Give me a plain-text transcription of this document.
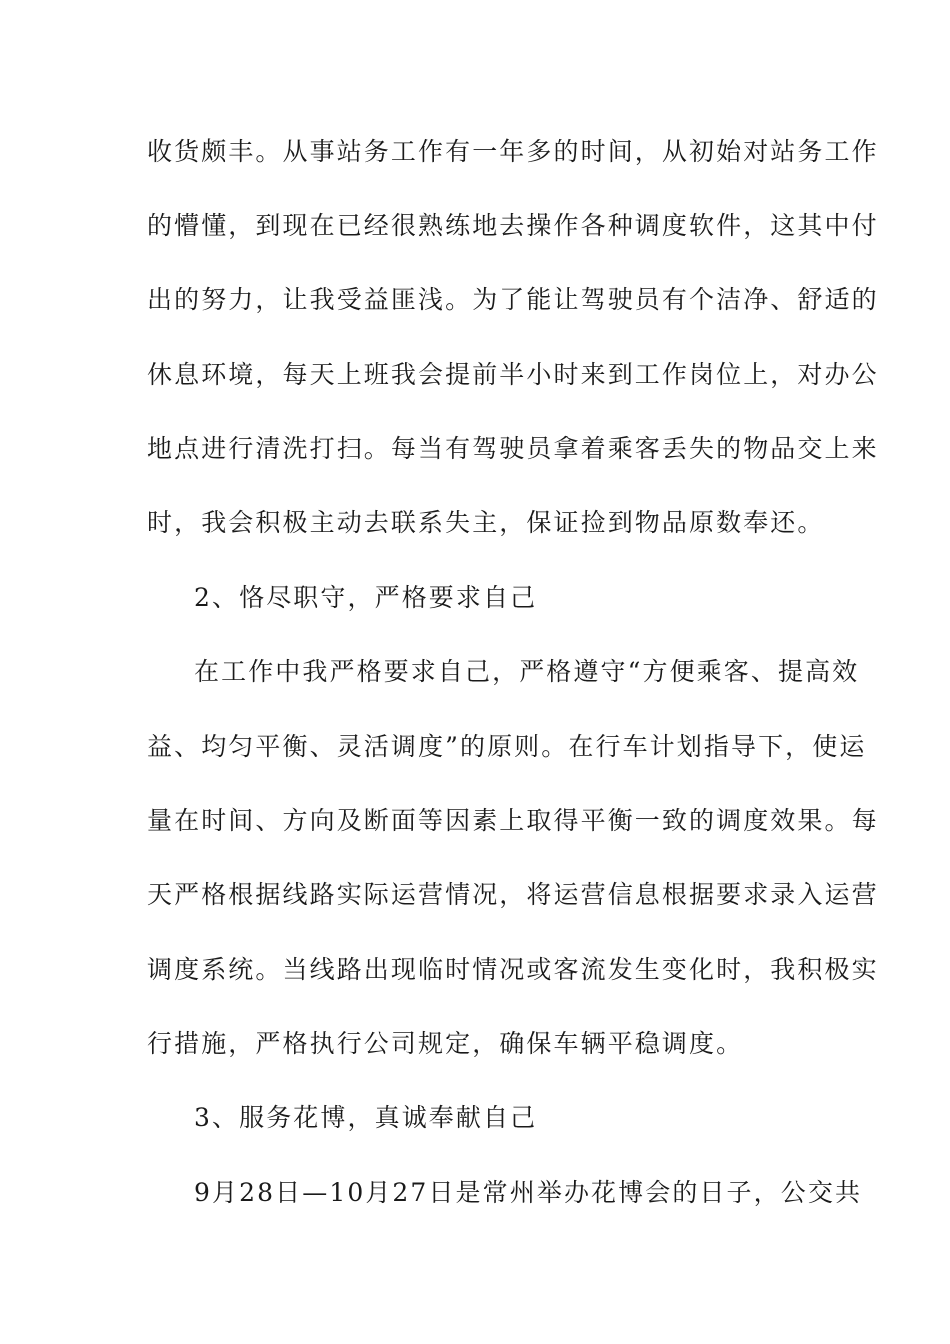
收货颇丰。从事站务工作有一年多的时间，从初始对站务工作
的懵懂，到现在已经很熟练地去操作各种调度软件，这其中付
出的努力，让我受益匪浅。为了能让驾驶员有个洁净、舒适的
休息环境，每天上班我会提前半小时来到工作岗位上，对办公
地点进行清洗打扫。每当有驾驶员拿着乘客丢失的物品交上来
时，我会积极主动去联系失主，保证捡到物品原数奉还。
2、恪尽职守，严格要求自己
在工作中我严格要求自己，严格遵守“方便乘客、提高效
益、均匀平衡、灵活调度”的原则。在行车计划指导下，使运
量在时间、方向及断面等因素上取得平衡一致的调度效果。每
天严格根据线路实际运营情况，将运营信息根据要求录入运营
调度系统。当线路出现临时情况或客流发生变化时，我积极实
行措施，严格执行公司规定，确保车辆平稳调度。
3、服务花博，真诚奉献自己
9月28日—10月27日是常州举办花博会的日子，公交共
